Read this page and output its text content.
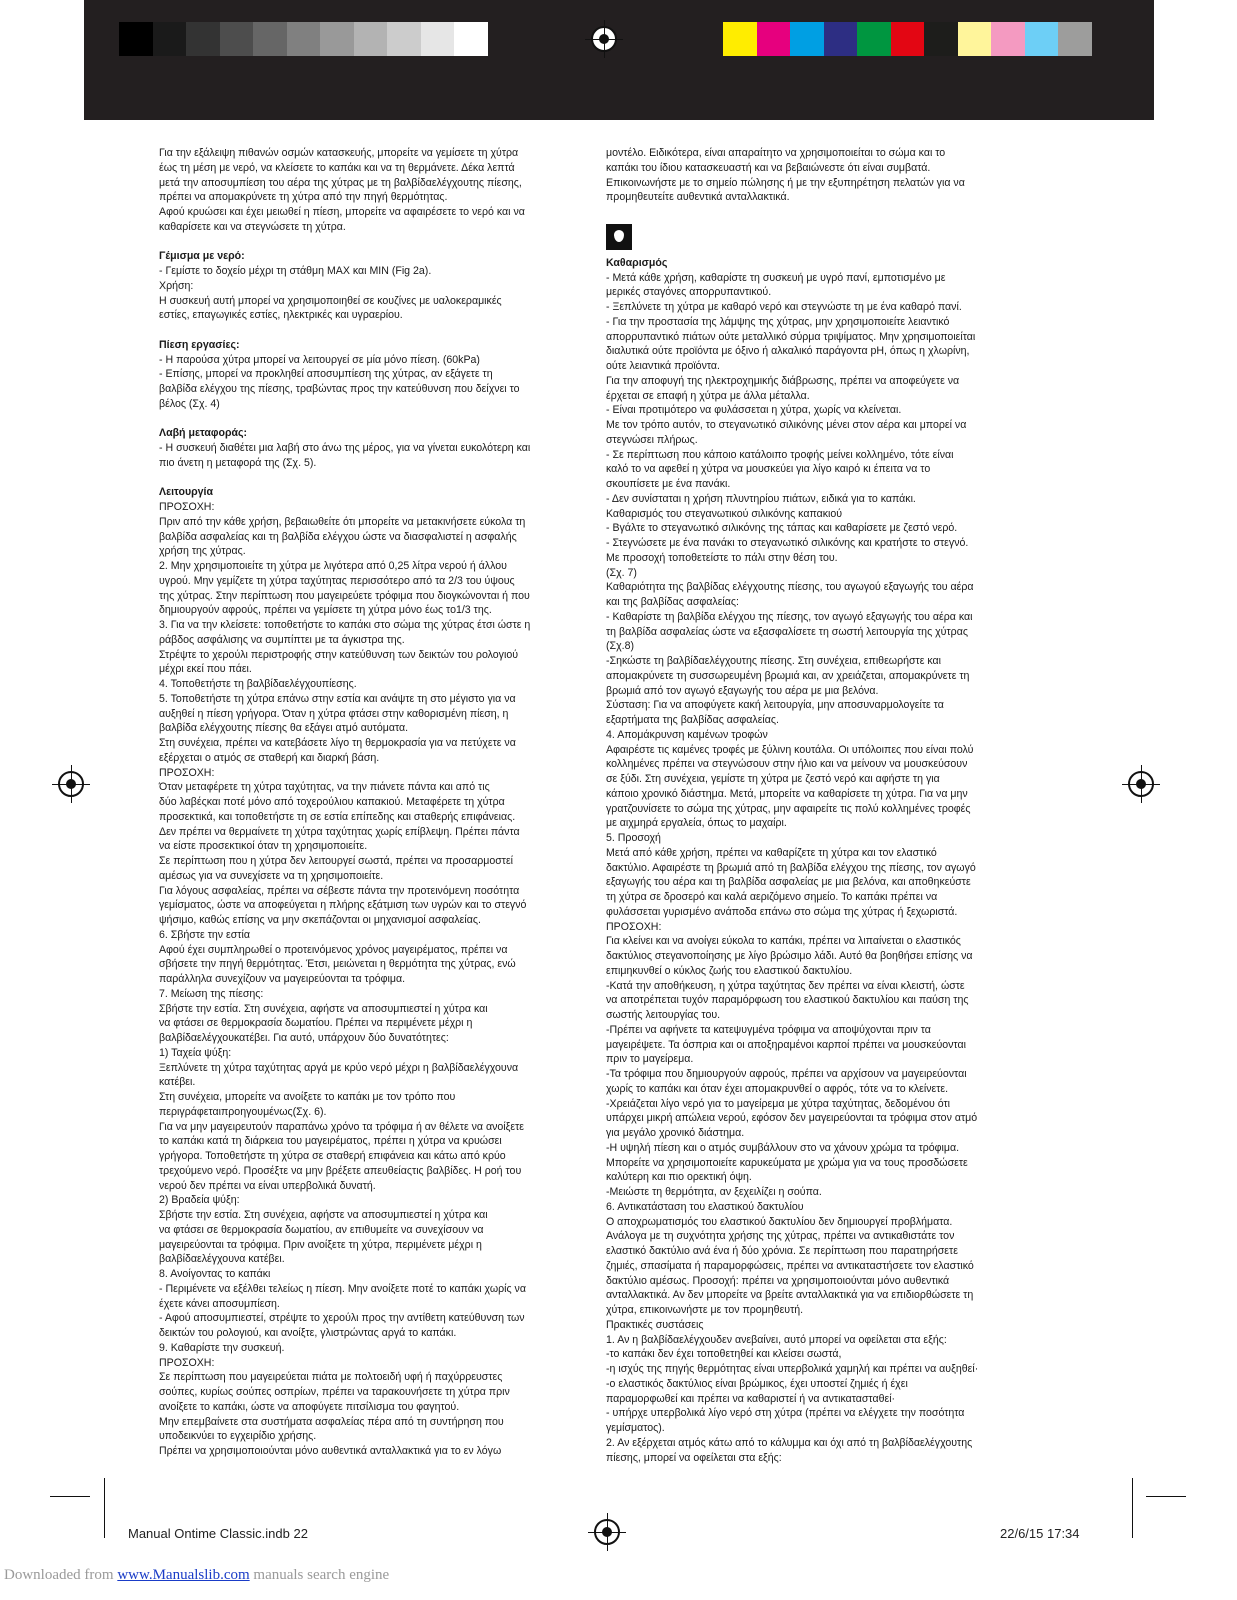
Για την εξάλειψη πιθανών οσμών κατασκευής, μπορείτε να γεμίσετε τη χύτρα

έως τη μέση με νερό, να κλείσετε το καπάκι και να τη θερμάνετε. Δέκα λεπτά

μετά την αποσυμπίεση του αέρα της χύτρας με τη βαλβίδαελέγχουτης πίεσης,

πρέπει να απομακρύνετε τη χύτρα από την πηγή θερμότητας.

Αφού κρυώσει και έχει μειωθεί η πίεση, μπορείτε να αφαιρέσετε το νερό και να

καθαρίσετε και να στεγνώσετε τη χύτρα.

Γέμισμα με νερό:

- Γεμίστε το δοχείο μέχρι τη στάθμη MAX και MIN (Fig 2a).

Χρήση:

Η συσκευή αυτή μπορεί να χρησιμοποιηθεί σε κουζίνες με υαλοκεραμικές

εστίες, επαγωγικές εστίες, ηλεκτρικές και υγραερίου.

Πίεση εργασίες:

- Η παρούσα χύτρα μπορεί να λειτουργεί σε μία μόνο πίεση. (60kPa)

- Επίσης, μπορεί να προκληθεί αποσυμπίεση της χύτρας, αν εξάγετε τη

βαλβίδα ελέγχου της πίεσης, τραβώντας προς την κατεύθυνση που δείχνει το

βέλος (Σχ. 4)

Λαβή μεταφοράς:

- Η συσκευή διαθέτει μια λαβή στο άνω της μέρος, για να γίνεται ευκολότερη και

πιο άνετη η μεταφορά της (Σχ. 5).

Λειτουργία

ΠΡΟΣΟΧΗ:

Πριν από την κάθε χρήση, βεβαιωθείτε ότι μπορείτε να μετακινήσετε εύκολα τη

βαλβίδα ασφαλείας και τη βαλβίδα ελέγχου ώστε να διασφαλιστεί η ασφαλής

χρήση της χύτρας.

2. Μην χρησιμοποιείτε τη χύτρα με λιγότερα από 0,25 λίτρα νερού ή άλλου

υγρού. Μην γεμίζετε τη χύτρα ταχύτητας περισσότερο από τα 2/3 του ύψους

της χύτρας. Στην περίπτωση που μαγειρεύετε τρόφιμα που διογκώνονται ή που

δημιουργούν αφρούς, πρέπει να γεμίσετε τη χύτρα μόνο έως το1/3 της.

3. Για να την κλείσετε: τοποθετήστε το καπάκι στο σώμα της χύτρας έτσι ώστε η

ράβδος ασφάλισης να συμπίπτει με τα άγκιστρα της.

Στρέψτε το χερούλι περιστροφής στην κατεύθυνση των δεικτών του ρολογιού

μέχρι εκεί που πάει.

4. Τοποθετήστε τη βαλβίδαελέγχουπίεσης.

5. Τοποθετήστε τη χύτρα επάνω στην εστία και ανάψτε τη στο μέγιστο για να

αυξηθεί η πίεση γρήγορα. Όταν η χύτρα φτάσει στην καθορισμένη πίεση, η

βαλβίδα ελέγχουτης πίεσης θα εξάγει ατμό αυτόματα.

Στη συνέχεια, πρέπει να κατεβάσετε λίγο τη θερμοκρασία για να πετύχετε να

εξέρχεται ο ατμός σε σταθερή και διαρκή βάση.

ΠΡΟΣΟΧΗ:

Όταν μεταφέρετε τη χύτρα ταχύτητας, να την πιάνετε πάντα και από τις

δύο λαβέςκαι ποτέ μόνο από τοχερούλιου καπακιού. Μεταφέρετε τη χύτρα

προσεκτικά, και τοποθετήστε τη σε εστία επίπεδης και σταθερής επιφάνειας.

Δεν πρέπει να θερμαίνετε τη χύτρα ταχύτητας χωρίς επίβλεψη. Πρέπει πάντα

να είστε προσεκτικοί όταν τη χρησιμοποιείτε.

Σε περίπτωση που η χύτρα δεν λειτουργεί σωστά, πρέπει να προσαρμοστεί

αμέσως για να συνεχίσετε να τη χρησιμοποιείτε.

Για λόγους ασφαλείας, πρέπει να σέβεστε πάντα την προτεινόμενη ποσότητα

γεμίσματος, ώστε να αποφεύγεται η πλήρης εξάτμιση των υγρών και το στεγνό

ψήσιμο, καθώς επίσης να μην σκεπάζονται οι μηχανισμοί ασφαλείας.

6. Σβήστε την εστία

Αφού έχει συμπληρωθεί ο προτεινόμενος χρόνος μαγειρέματος, πρέπει να

σβήσετε την πηγή θερμότητας. Έτσι, μειώνεται η θερμότητα της χύτρας, ενώ

παράλληλα συνεχίζουν να μαγειρεύονται τα τρόφιμα.

7. Μείωση της πίεσης:

Σβήστε την εστία. Στη συνέχεια, αφήστε να αποσυμπιεστεί η χύτρα και

να φτάσει σε θερμοκρασία δωματίου. Πρέπει να περιμένετε μέχρι η

βαλβίδαελέγχουκατέβει. Για αυτό, υπάρχουν δύο δυνατότητες:

1) Ταχεία ψύξη:

Ξεπλύνετε τη χύτρα ταχύτητας αργά με κρύο νερό μέχρι η βαλβίδαελέγχουνα

κατέβει.

Στη συνέχεια, μπορείτε να ανοίξετε το καπάκι με τον τρόπο που

περιγράφεταιπροηγουμένως(Σχ. 6).

Για να μην μαγειρευτούν παραπάνω χρόνο τα τρόφιμα ή αν θέλετε να ανοίξετε

το καπάκι κατά τη διάρκεια του μαγειρέματος, πρέπει η χύτρα να κρυώσει

γρήγορα. Τοποθετήστε τη χύτρα σε σταθερή επιφάνεια και κάτω από κρύο

τρεχούμενο νερό. Προσέξτε να μην βρέξετε απευθείαςτις βαλβίδες. Η ροή του

νερού δεν πρέπει να είναι υπερβολικά δυνατή.

2) Βραδεία ψύξη:

Σβήστε την εστία. Στη συνέχεια, αφήστε να αποσυμπιεστεί η χύτρα και

να φτάσει σε θερμοκρασία δωματίου, αν επιθυμείτε να συνεχίσουν να

μαγειρεύονται τα τρόφιμα. Πριν ανοίξετε τη χύτρα, περιμένετε μέχρι η

βαλβίδαελέγχουνα κατέβει.

8. Ανοίγοντας το καπάκι

- Περιμένετε να εξέλθει τελείως η πίεση. Μην ανοίξετε ποτέ το καπάκι χωρίς να

έχετε κάνει αποσυμπίεση.

- Αφού αποσυμπιεστεί, στρέψτε το χερούλι προς την αντίθετη κατεύθυνση των

δεικτών του ρολογιού, και ανοίξτε, γλιστρώντας αργά το καπάκι.

9. Καθαρίστε την συσκευή.

ΠΡΟΣΟΧΗ:

Σε περίπτωση που μαγειρεύεται πιάτα με πολτοειδή υφή ή παχύρρευστες

σούπες, κυρίως σούπες οσπρίων, πρέπει να ταρακουνήσετε τη χύτρα πριν

ανοίξετε το καπάκι, ώστε να αποφύγετε πιτσίλισμα του φαγητού.

Μην επεμβαίνετε στα συστήματα ασφαλείας πέρα από τη συντήρηση που

υποδεικνύει το εγχειρίδιο χρήσης.

Πρέπει να χρησιμοποιούνται μόνο αυθεντικά ανταλλακτικά για το εν λόγω

μοντέλο. Ειδικότερα, είναι απαραίτητο να χρησιμοποιείται το σώμα και το

καπάκι του ίδιου κατασκευαστή και να βεβαιώνεστε ότι είναι συμβατά.

Επικοινωνήστε με το σημείο πώλησης ή με την εξυπηρέτηση πελατών για να

προμηθευτείτε αυθεντικά ανταλλακτικά.

Καθαρισμός

- Μετά κάθε χρήση, καθαρίστε τη συσκευή με υγρό πανί, εμποτισμένο με

μερικές σταγόνες απορρυπαντικού.

- Ξεπλύνετε τη χύτρα με καθαρό νερό και στεγνώστε τη με ένα καθαρό πανί.

- Για την προστασία της λάμψης της χύτρας, μην χρησιμοποιείτε λειαντικό

απορρυπαντικό πιάτων ούτε μεταλλικό σύρμα τριψίματος. Μην χρησιμοποιείται

διαλυτικά ούτε προϊόντα με όξινο ή αλκαλικό παράγοντα pH, όπως η χλωρίνη,

ούτε λειαντικά προϊόντα.

Για την αποφυγή της ηλεκτροχημικής διάβρωσης, πρέπει να αποφεύγετε να

έρχεται σε επαφή η χύτρα με άλλα μέταλλα.

- Είναι προτιμότερο να φυλάσσεται η χύτρα, χωρίς να κλείνεται.

Με τον τρόπο αυτόν, το στεγανωτικό σιλικόνης μένει στον αέρα και μπορεί να

στεγνώσει πλήρως.

- Σε περίπτωση που κάποιο κατάλοιπο τροφής μείνει κολλημένο, τότε είναι

καλό το να αφεθεί η χύτρα να μουσκεύει για λίγο καιρό κι έπειτα να το

σκουπίσετε με ένα πανάκι.

- Δεν συνίσταται η χρήση πλυντηρίου πιάτων, ειδικά για το καπάκι.

Καθαρισμός του στεγανωτικού σιλικόνης καπακιού

- Βγάλτε το στεγανωτικό σιλικόνης της τάπας και καθαρίσετε με ζεστό νερό.

- Στεγνώσετε με ένα πανάκι το στεγανωτικό σιλικόνης και κρατήστε το στεγνό.

Με προσοχή τοποθετείστε το πάλι στην θέση του.

(Σχ. 7)

Καθαριότητα της βαλβίδας ελέγχουτης πίεσης, του αγωγού εξαγωγής του αέρα

και της βαλβίδας ασφαλείας:

- Καθαρίστε τη βαλβίδα ελέγχου της πίεσης, τον αγωγό εξαγωγής του αέρα και

τη βαλβίδα ασφαλείας ώστε να εξασφαλίσετε τη σωστή λειτουργία της χύτρας

(Σχ.8)

-Σηκώστε τη βαλβίδαελέγχουτης πίεσης. Στη συνέχεια, επιθεωρήστε και

απομακρύνετε τη συσσωρευμένη βρωμιά και, αν χρειάζεται, απομακρύνετε τη

βρωμιά από τον αγωγό εξαγωγής του αέρα με μια βελόνα.

Σύσταση: Για να αποφύγετε κακή λειτουργία, μην αποσυναρμολογείτε τα

εξαρτήματα της βαλβίδας ασφαλείας.

4. Απομάκρυνση καμένων τροφών

Αφαιρέστε τις καμένες τροφές με ξύλινη κουτάλα. Οι υπόλοιπες που είναι πολύ

κολλημένες πρέπει να στεγνώσουν στην ήλιο και να μείνουν να μουσκεύσουν

σε ξύδι. Στη συνέχεια, γεμίστε τη χύτρα με ζεστό νερό και αφήστε τη για

κάποιο χρονικό διάστημα. Μετά, μπορείτε να καθαρίσετε τη χύτρα. Για να μην

γρατζουνίσετε το σώμα της χύτρας, μην αφαιρείτε τις πολύ κολλημένες τροφές

με αιχμηρά εργαλεία, όπως το μαχαίρι.

5. Προσοχή

Μετά από κάθε χρήση, πρέπει να καθαρίζετε τη χύτρα και τον ελαστικό

δακτύλιο. Αφαιρέστε τη βρωμιά από τη βαλβίδα ελέγχου της πίεσης, τον αγωγό

εξαγωγής του αέρα και τη βαλβίδα ασφαλείας με μια βελόνα, και αποθηκεύστε

τη χύτρα σε δροσερό και καλά αεριζόμενο σημείο. Το καπάκι πρέπει να

φυλάσσεται γυρισμένο ανάποδα επάνω στο σώμα της χύτρας ή ξεχωριστά.

ΠΡΟΣΟΧΗ:

Για κλείνει και να ανοίγει εύκολα το καπάκι, πρέπει να λιπαίνεται ο ελαστικός

δακτύλιος στεγανοποίησης με λίγο βρώσιμο λάδι. Αυτό θα βοηθήσει επίσης να

επιμηκυνθεί ο κύκλος ζωής του ελαστικού δακτυλίου.

-Κατά την αποθήκευση, η χύτρα ταχύτητας δεν πρέπει να είναι κλειστή, ώστε

να αποτρέπεται τυχόν παραμόρφωση του ελαστικού δακτυλίου και παύση της

σωστής λειτουργίας του.

-Πρέπει να αφήνετε τα κατεψυγμένα τρόφιμα να αποψύχονται πριν τα

μαγειρέψετε. Τα όσπρια και οι αποξηραμένοι καρποί πρέπει να μουσκεύονται

πριν το μαγείρεμα.

-Τα τρόφιμα που δημιουργούν αφρούς, πρέπει να αρχίσουν να μαγειρεύονται

χωρίς το καπάκι και όταν έχει απομακρυνθεί ο αφρός, τότε να το κλείνετε.

-Χρειάζεται λίγο νερό για το μαγείρεμα με χύτρα ταχύτητας, δεδομένου ότι

υπάρχει μικρή απώλεια νερού, εφόσον δεν μαγειρεύονται τα τρόφιμα στον ατμό

για μεγάλο χρονικό διάστημα.

-Η υψηλή πίεση και ο ατμός συμβάλλουν στο να χάνουν χρώμα τα τρόφιμα.

Μπορείτε να χρησιμοποιείτε καρυκεύματα με χρώμα για να τους προσδώσετε

καλύτερη και πιο ορεκτική όψη.

-Μειώστε τη θερμότητα, αν ξεχειλίζει η σούπα.

6. Αντικατάσταση του ελαστικού δακτυλίου

Ο αποχρωματισμός του ελαστικού δακτυλίου δεν δημιουργεί προβλήματα.

Ανάλογα με τη συχνότητα χρήσης της χύτρας, πρέπει να αντικαθιστάτε τον

ελαστικό δακτύλιο ανά ένα ή δύο χρόνια. Σε περίπτωση που παρατηρήσετε

ζημιές, σπασίματα ή παραμορφώσεις, πρέπει να αντικαταστήσετε τον ελαστικό

δακτύλιο αμέσως. Προσοχή: πρέπει να χρησιμοποιούνται μόνο αυθεντικά

ανταλλακτικά. Αν δεν μπορείτε να βρείτε ανταλλακτικά για να επιδιορθώσετε τη

χύτρα, επικοινωνήστε με τον προμηθευτή.

Πρακτικές συστάσεις

1. Αν η βαλβίδαελέγχουδεν ανεβαίνει, αυτό μπορεί να οφείλεται στα εξής:

-το καπάκι δεν έχει τοποθετηθεί και κλείσει σωστά,

-η ισχύς της πηγής θερμότητας είναι υπερβολικά χαμηλή και πρέπει να αυξηθεί·

-ο ελαστικός δακτύλιος είναι βρώμικος, έχει υποστεί ζημιές ή έχει

παραμορφωθεί και πρέπει να καθαριστεί ή να αντικατασταθεί·

- υπήρχε υπερβολικά λίγο νερό στη χύτρα (πρέπει να ελέγχετε την ποσότητα

γεμίσματος).

2. Αν εξέρχεται ατμός κάτω από το κάλυμμα και όχι από τη βαλβίδαελέγχουτης

πίεσης, μπορεί να οφείλεται στα εξής:

Manual Ontime Classic.indb 22	22/6/15 17:34
Downloaded from www.Manualslib.com manuals search engine
